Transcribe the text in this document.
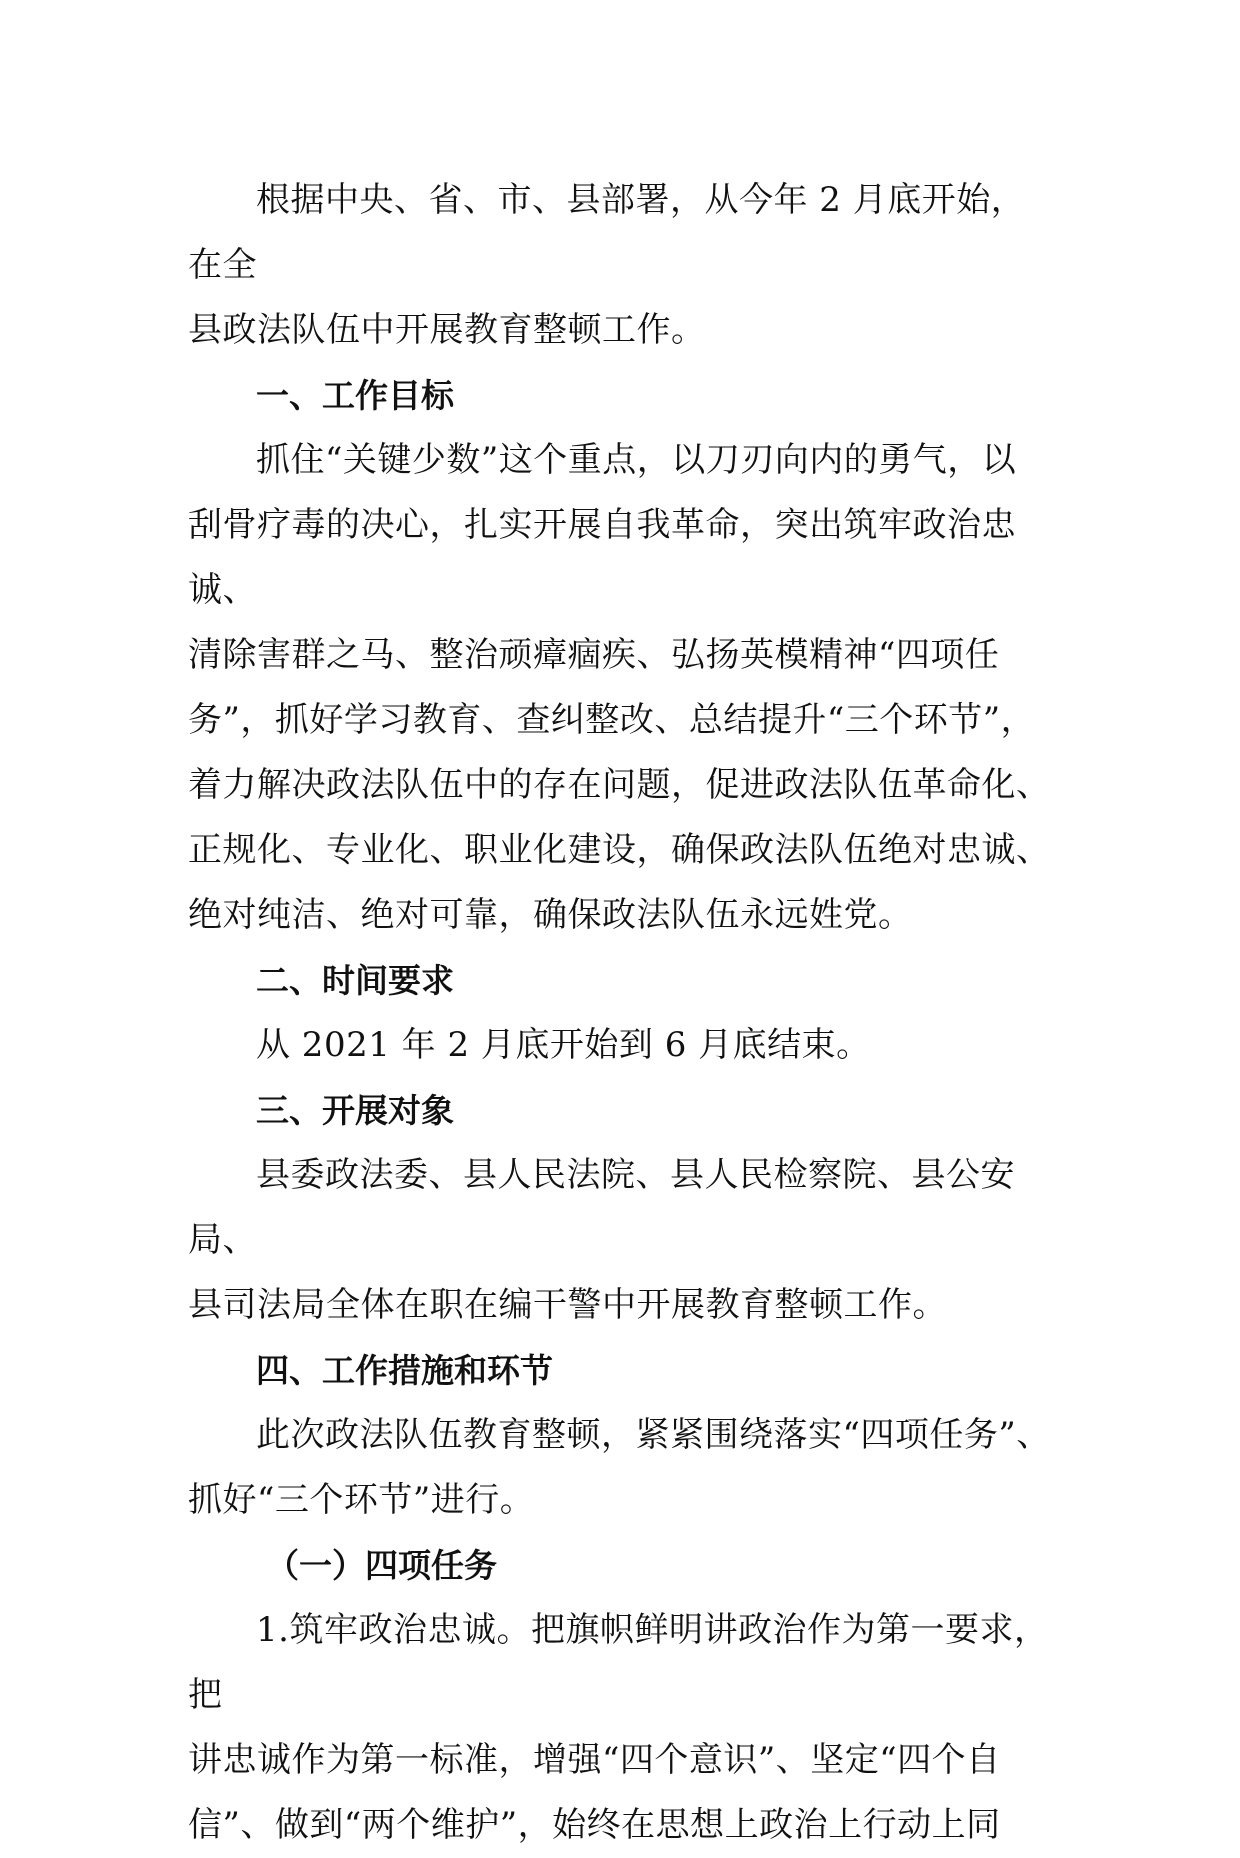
根据中央、省、市、县部署，从今年 2 月底开始，在全
县政法队伍中开展教育整顿工作。

一、工作目标

抓住“关键少数”这个重点，以刀刃向内的勇气，以
刮骨疗毒的决心，扎实开展自我革命，突出筑牢政治忠诚、
清除害群之马、整治顽瘴痼疾、弘扬英模精神“四项任
务”，抓好学习教育、查纠整改、总结提升“三个环节”，
着力解决政法队伍中的存在问题，促进政法队伍革命化、
正规化、专业化、职业化建设，确保政法队伍绝对忠诚、
绝对纯洁、绝对可靠，确保政法队伍永远姓党。

二、时间要求

从 2021 年 2 月底开始到 6 月底结束。

三、开展对象

县委政法委、县人民法院、县人民检察院、县公安局、
县司法局全体在职在编干警中开展教育整顿工作。

四、工作措施和环节

此次政法队伍教育整顿，紧紧围绕落实“四项任务”、
抓好“三个环节”进行。

（一）四项任务

1.筑牢政治忠诚。把旗帜鲜明讲政治作为第一要求，把
讲忠诚作为第一标准，增强“四个意识”、坚定“四个自
信”、做到“两个维护”，始终在思想上政治上行动上同
